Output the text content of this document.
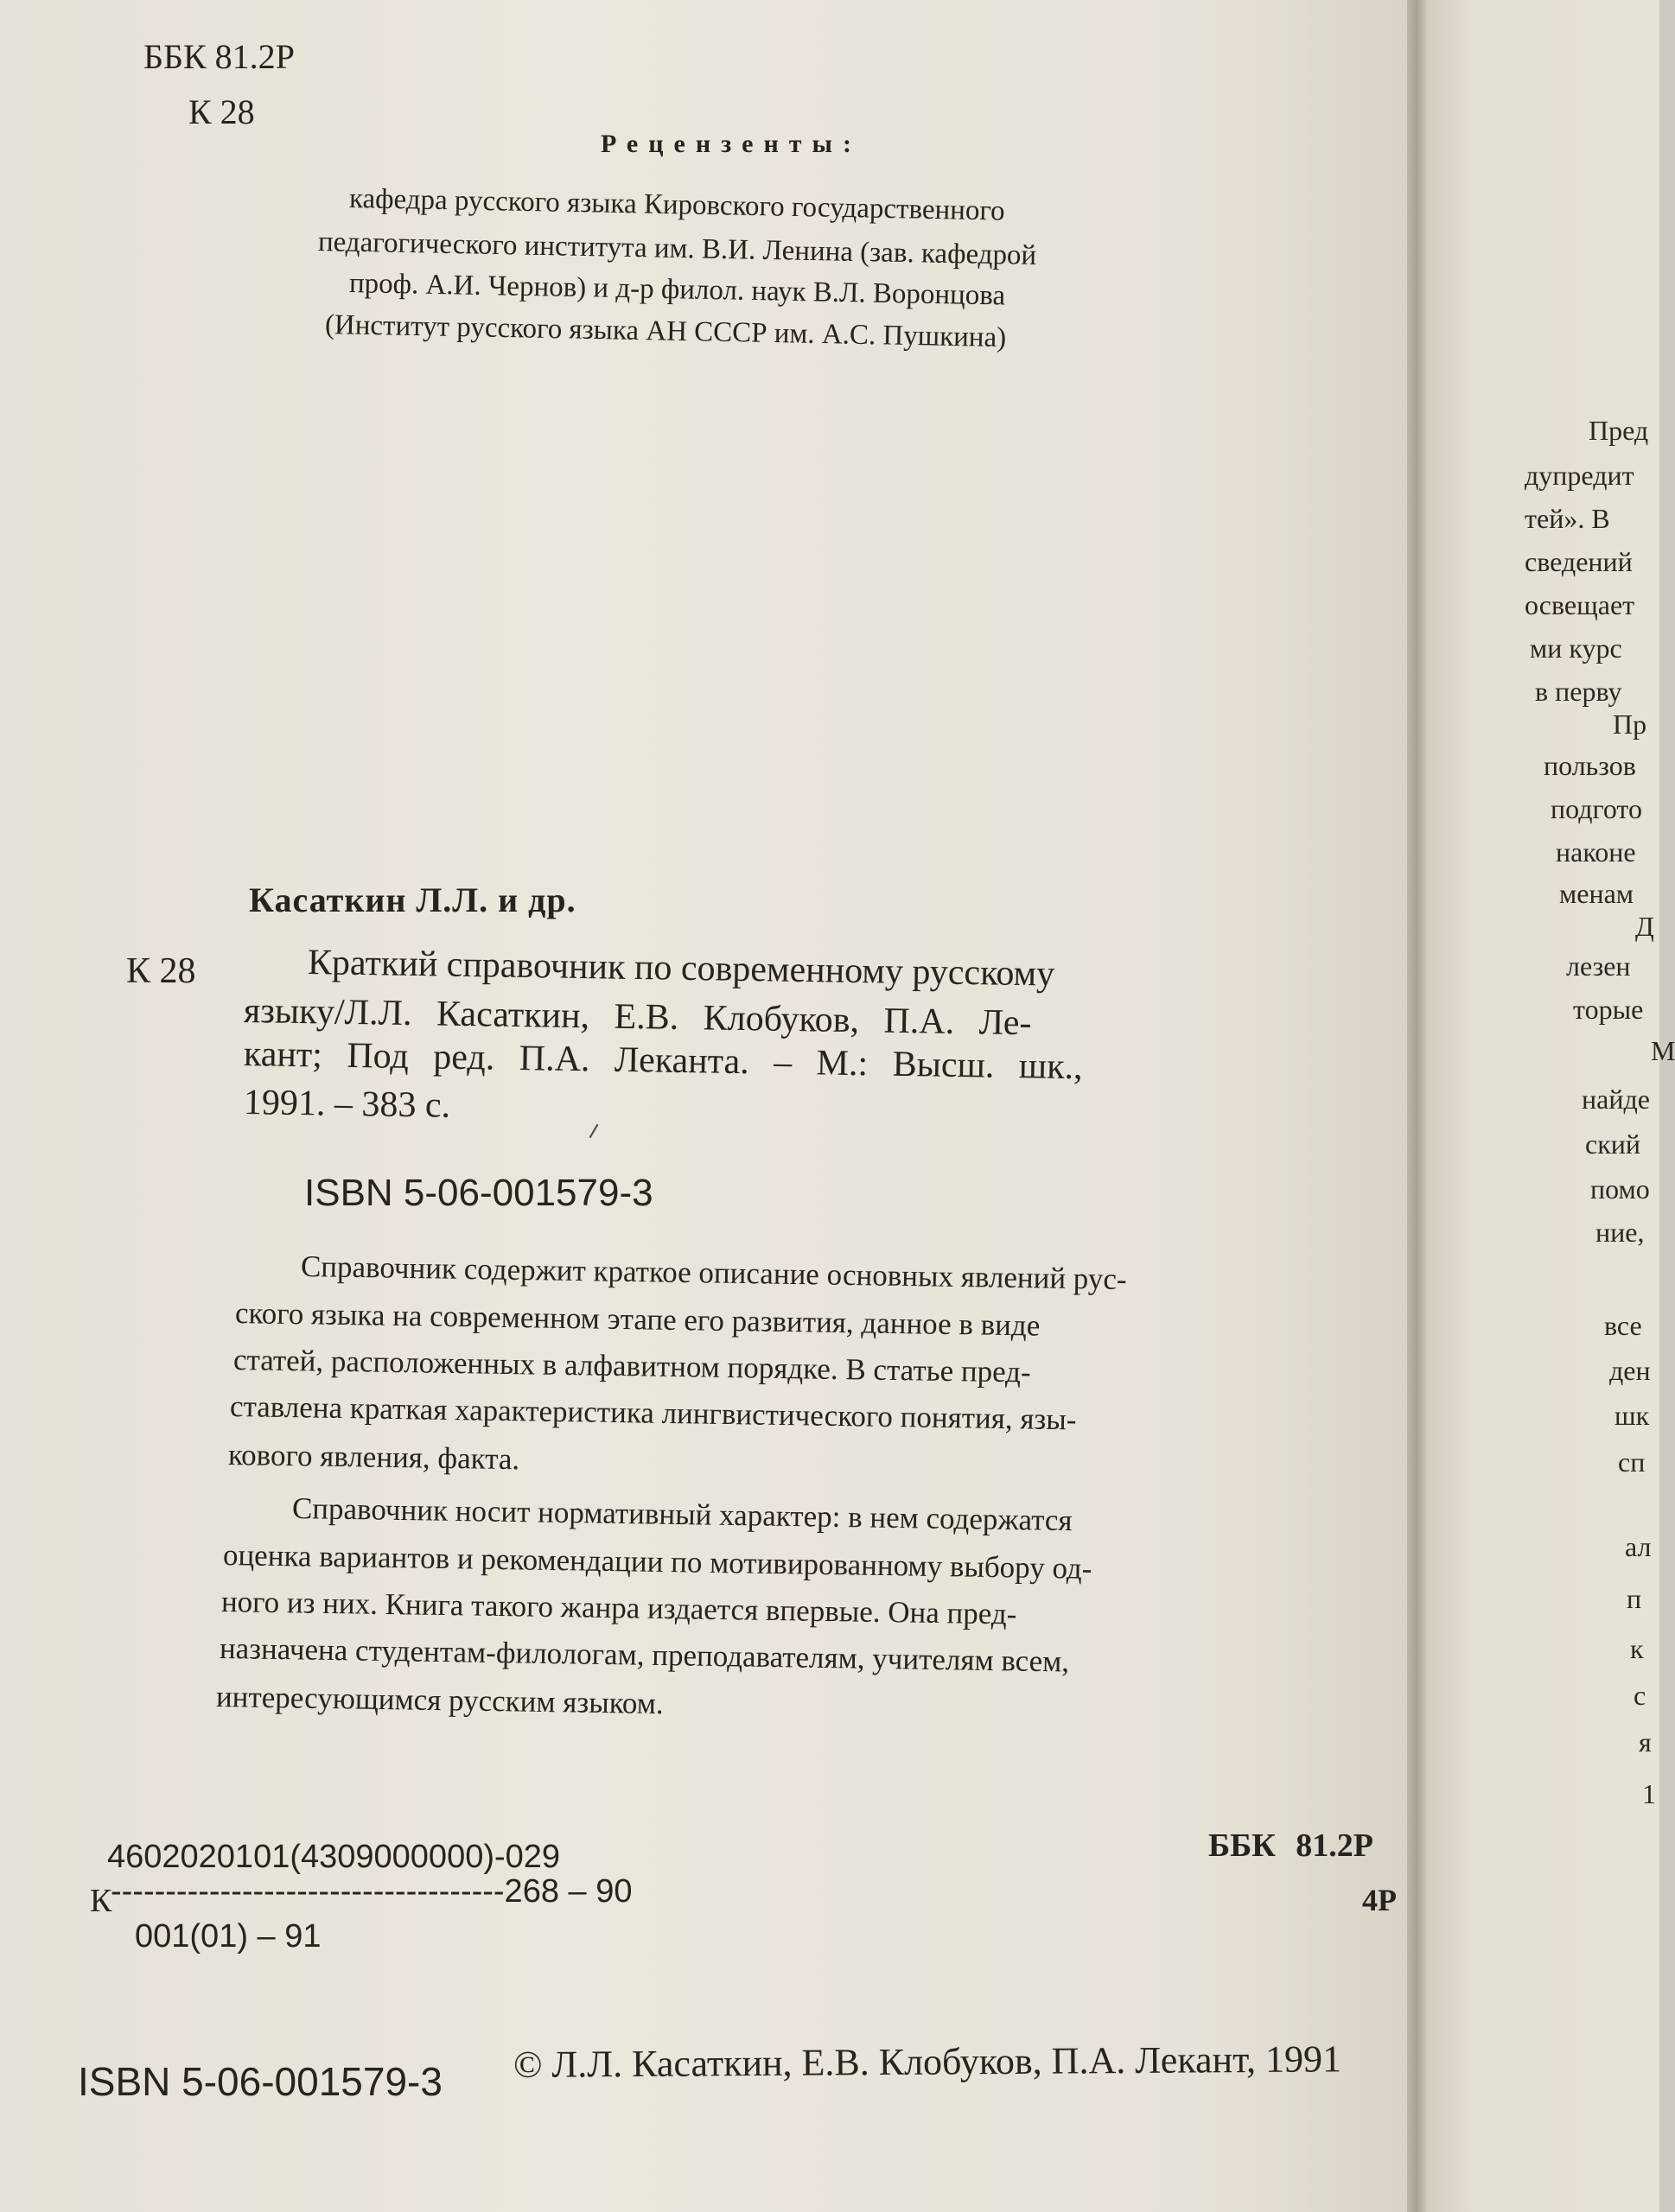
ББК 81.2Р
К 28
Рецензенты:
кафедра русского языка Кировского государственного
педагогического института им. В.И. Ленина (зав. кафедрой
проф. А.И. Чернов) и д-р филол. наук В.Л. Воронцова
(Институт русского языка АН СССР им. А.С. Пушкина)
Касаткин Л.Л. и др.
К 28	Краткий справочник по современному русскому
языку/Л.Л. Касаткин, Е.В. Клобуков, П.А. Ле-
кант; Под ред. П.А. Леканта. – М.: Высш. шк.,
1991. – 383 с.
ISBN 5-06-001579-3
Справочник содержит краткое описание основных явлений рус-
ского языка на современном этапе его развития, данное в виде
статей, расположенных в алфавитном порядке. В статье пред-
ставлена краткая характеристика лингвистического понятия, язы-
кового явления, факта.
Справочник носит нормативный характер: в нем содержатся
оценка вариантов и рекомендации по мотивированному выбору од-
ного из них. Книга такого жанра издается впервые. Она пред-
назначена студентам-филологам, преподавателям, учителям всем,
интересующимся русским языком.
4602020101(4309000000)-029
К
------------------------------------268 – 90
001(01) – 91
ББК 81.2Р
4Р
ISBN 5-06-001579-3 © Л.Л. Касаткин, Е.В. Клобуков, П.А. Лекант, 1991
Пред
дупредит
тей». В
сведений
освещает
ми курс
в перву
Пр
пользов
подгото
наконе
менам
Д
лезен
торые
М
найде
ский
помо
ние,
все
ден
шк
сп
ал
п
к
с
я
1
